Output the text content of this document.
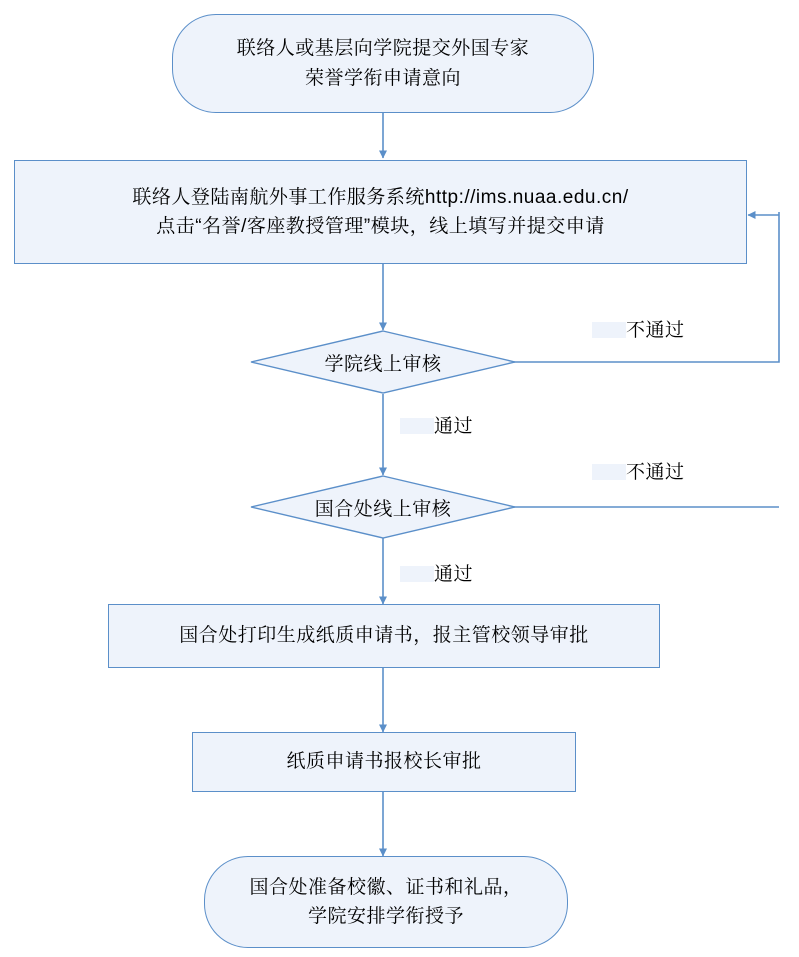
联络人或基层向学院提交外国专家
荣誉学衔申请意向
联络人登陆南航外事工作服务系统http://ims.nuaa.edu.cn/
点击“名誉/客座教授管理”模块，线上填写并提交申请
学院线上审核
国合处线上审核
国合处打印生成纸质申请书，报主管校领导审批
纸质申请书报校长审批
国合处准备校徽、证书和礼品，
学院安排学衔授予
不通过
通过
不通过
通过
